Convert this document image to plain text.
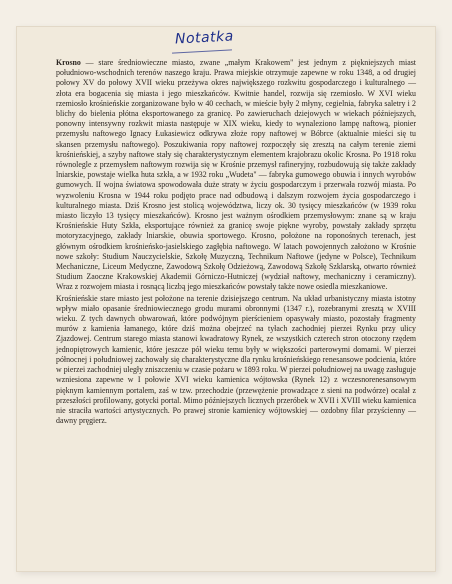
Notatka

Krosno — stare średniowieczne miasto, zwane „małym Krakowem" jest jednym z piękniejszych miast południowo-wschodnich terenów naszego kraju. Prawa miejskie otrzymuje zapewne w roku 1348, a od drugiej połowy XV do połowy XVII wieku przeżywa okres największego rozkwitu gospodarczego i kulturalnego — złota era bogacenia się miasta i jego mieszkańców. Kwitnie handel, rozwija się rzemiosło. W XVI wieku rzemiosło krośnieńskie zorganizowane było w 40 cechach, w mieście były 2 młyny, cegielnia, fabryka saletry i 2 blichy do bielenia płótna eksportowanego za granicę. Po zawieruchach dziejowych w wiekach późniejszych, ponowny intensywny rozkwit miasta następuje w XIX wieku, kiedy to wynaleziono lampę naftową, pionier przemysłu naftowego Ignacy Łukasiewicz odkrywa złoże ropy naftowej w Bóbrce (aktualnie mieści się tu skansen przemysłu naftowego). Poszukiwania ropy naftowej rozpoczęły się zresztą na całym terenie ziemi krośnieńskiej, a szyby naftowe stały się charakterystycznym elementem krajobrazu okolic Krosna. Po 1918 roku równolegle z przemysłem naftowym rozwija się w Krośnie przemysł rafineryjny, rozbudowują się także zakłady lniarskie, powstaje wielka huta szkła, a w 1932 roku „Wudeta" — fabryka gumowego obuwia i innych wyrobów gumowych. II wojna światowa spowodowała duże straty w życiu gospodarczym i przerwała rozwój miasta. Po wyzwoleniu Krosna w 1944 roku podjęto prace nad odbudową i dalszym rozwojem życia gospodarczego i kulturalnego miasta. Dziś Krosno jest stolicą województwa, liczy ok. 30 tysięcy mieszkańców (w 1939 roku miasto liczyło 13 tysięcy mieszkańców). Krosno jest ważnym ośrodkiem przemysłowym: znane są w kraju Krośnieńskie Huty Szkła, eksportujące również za granicę swoje piękne wyroby, powstały zakłady sprzętu motoryzacyjnego, zakłady lniarskie, obuwia sportowego. Krosno, położone na roponośnych terenach, jest głównym ośrodkiem krośnieńsko-jasielskiego zagłębia naftowego. W latach powojennych założono w Krośnie nowe szkoły: Studium Nauczycielskie, Szkołę Muzyczną, Technikum Naftowe (jedyne w Polsce), Technikum Mechaniczne, Liceum Medyczne, Zawodową Szkołę Odzieżową, Zawodową Szkołę Szklarską, otwarto również Studium Zaoczne Krakowskiej Akademii Górniczo-Hutniczej (wydział naftowy, mechaniczny i ceramiczny). Wraz z rozwojem miasta i rosnącą liczbą jego mieszkańców powstały także nowe osiedla mieszkaniowe.

Krośnieńskie stare miasto jest położone na terenie dzisiejszego centrum. Na układ urbanistyczny miasta istotny wpływ miało opasanie średniowiecznego grodu murami obronnymi (1347 r.), rozebranymi zresztą w XVIII wieku. Z tych dawnych obwarowań, które podwójnym pierścieniem opasywały miasto, pozostały fragmenty murów z kamienia łamanego, które dziś można obejrzeć na tyłach zachodniej pierzei Rynku przy ulicy Zjazdowej. Centrum starego miasta stanowi kwadratowy Rynek, ze wszystkich czterech stron otoczony rzędem jednopiętrowych kamienic, które jeszcze pół wieku temu były w większości parterowymi domami. W pierzei północnej i południowej zachowały się charakterystyczne dla rynku krośnieńskiego renesansowe podcienia, które w pierzei zachodniej uległy zniszczeniu w czasie pożaru w 1893 roku. W pierzei południowej na uwagę zasługuje wzniesiona zapewne w I połowie XVI wieku kamienica wójtowska (Rynek 12) z wczesnorenesansowym pięknym kamiennym portalem, zaś w tzw. przechodzie (przewężenie prowadzące z sieni na podwórze) ocalał z przeszłości profilowany, gotycki portal. Mimo późniejszych licznych przeróbek w XVII i XVIII wieku kamienica nie straciła wartości artystycznych. Po prawej stronie kamienicy wójtowskiej — ozdobny filar przyścienny — dawny pręgierz.
